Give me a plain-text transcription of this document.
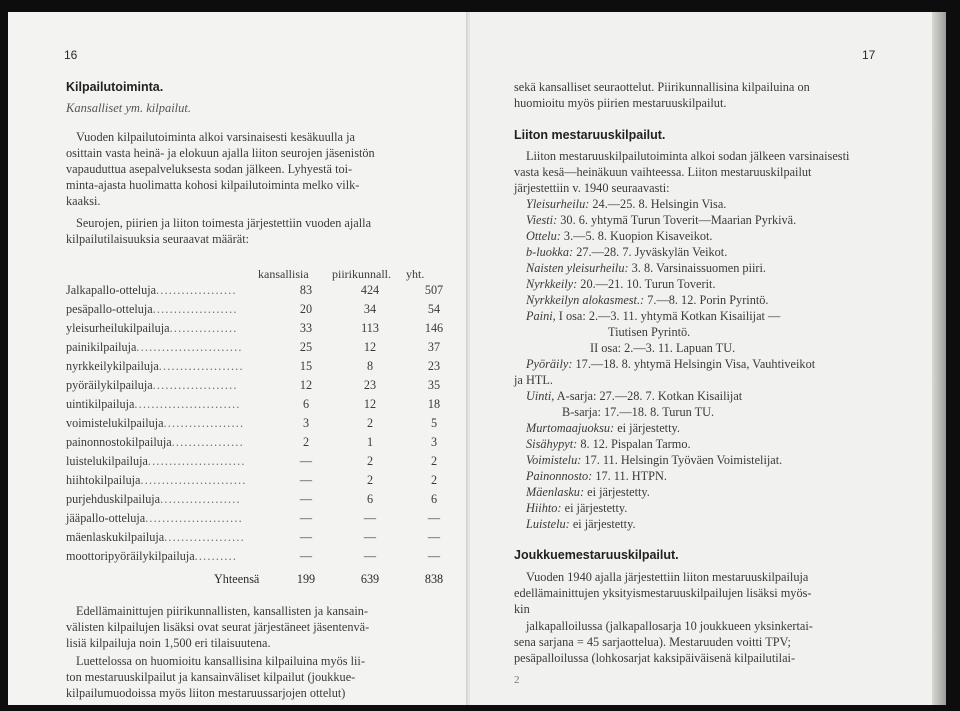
16
Kilpailutoiminta.
Kansalliset ym. kilpailut.
Vuoden kilpailutoiminta alkoi varsinaisesti kesäkuulla ja
osittain vasta heinä- ja elokuun ajalla liiton seurojen jäsenistön
vapauduttua asepalveluksesta sodan jälkeen. Lyhyestä toi-
minta-ajasta huolimatta kohosi kilpailutoiminta melko vilk-
kaaksi.
Seurojen, piirien ja liiton toimesta järjestettiin vuoden ajalla
kilpailutilaisuuksia seuraavat määrät:
kansallisia piirikunnall. yht.
Jalkapallo-otteluja...................	83	424	507
pesäpallo-otteluja....................	20	34	54
yleisurheilukilpailuja................	33	113	146
painikilpailuja.........................	25	12	37
nyrkkeilykilpailuja....................	15	8	23
pyöräilykilpailuja....................	12	23	35
uintikilpailuja.........................	6	12	18
voimistelukilpailuja...................	3	2	5
painonnostokilpailuja.................	2	1	3
luistelukilpailuja.......................	—	2	2
hiihtokilpailuja.........................	—	2	2
purjehduskilpailuja...................	—	6	6
jääpallo-otteluja.......................	—	—	—
mäenlaskukilpailuja...................	—	—	—
moottoripyöräilykilpailuja..........	—	—	—
Yhteensä	199	639	838
Edellämainittujen piirikunnallisten, kansallisten ja kansain-
välisten kilpailujen lisäksi ovat seurat järjestäneet jäsentenvä-
lisiä kilpailuja noin 1,500 eri tilaisuutena.
Luettelossa on huomioitu kansallisina kilpailuina myös lii-
ton mestaruuskilpailut ja kansainväliset kilpailut (joukkue-
kilpailumuodoissa myös liiton mestaruussarjojen ottelut)
17
sekä kansalliset seuraottelut. Piirikunnallisina kilpailuina on
huomioitu myös piirien mestaruuskilpailut.
Liiton mestaruuskilpailut.
Liiton mestaruuskilpailutoiminta alkoi sodan jälkeen varsinaisesti
vasta kesä—heinäkuun vaihteessa. Liiton mestaruuskilpailut
järjestettiin v. 1940 seuraavasti:
Yleisurheilu: 24.—25. 8. Helsingin Visa.
Viesti: 30. 6. yhtymä Turun Toverit—Maarian Pyrkivä.
Ottelu: 3.—5. 8. Kuopion Kisaveikot.
b-luokka: 27.—28. 7. Jyväskylän Veikot.
Naisten yleisurheilu: 3. 8. Varsinaissuomen piiri.
Nyrkkeily: 20.—21. 10. Turun Toverit.
Nyrkkeilyn alokasmest.: 7.—8. 12. Porin Pyrintö.
Paini, I osa: 2.—3. 11. yhtymä Kotkan Kisailijat —
Tiutisen Pyrintö.
II osa: 2.—3. 11. Lapuan TU.
Pyöräily: 17.—18. 8. yhtymä Helsingin Visa, Vauhtiveikot
ja HTL.
Uinti, A-sarja: 27.—28. 7. Kotkan Kisailijat
B-sarja: 17.—18. 8. Turun TU.
Murtomaajuoksu: ei järjestetty.
Sisähypyt: 8. 12. Pispalan Tarmo.
Voimistelu: 17. 11. Helsingin Työväen Voimistelijat.
Painonnosto: 17. 11. HTPN.
Mäenlasku: ei järjestetty.
Hiihto: ei järjestetty.
Luistelu: ei järjestetty.
Joukkuemestaruuskilpailut.
Vuoden 1940 ajalla järjestettiin liiton mestaruuskilpailuja
edellämainittujen yksityismestaruuskilpailujen lisäksi myös-
kin
jalkapalloilussa (jalkapallosarja 10 joukkueen yksinkertai-
sena sarjana = 45 sarjaottelua). Mestaruuden voitti TPV;
pesäpalloilussa (lohkosarjat kaksipäiväisenä kilpailutilai-
2
